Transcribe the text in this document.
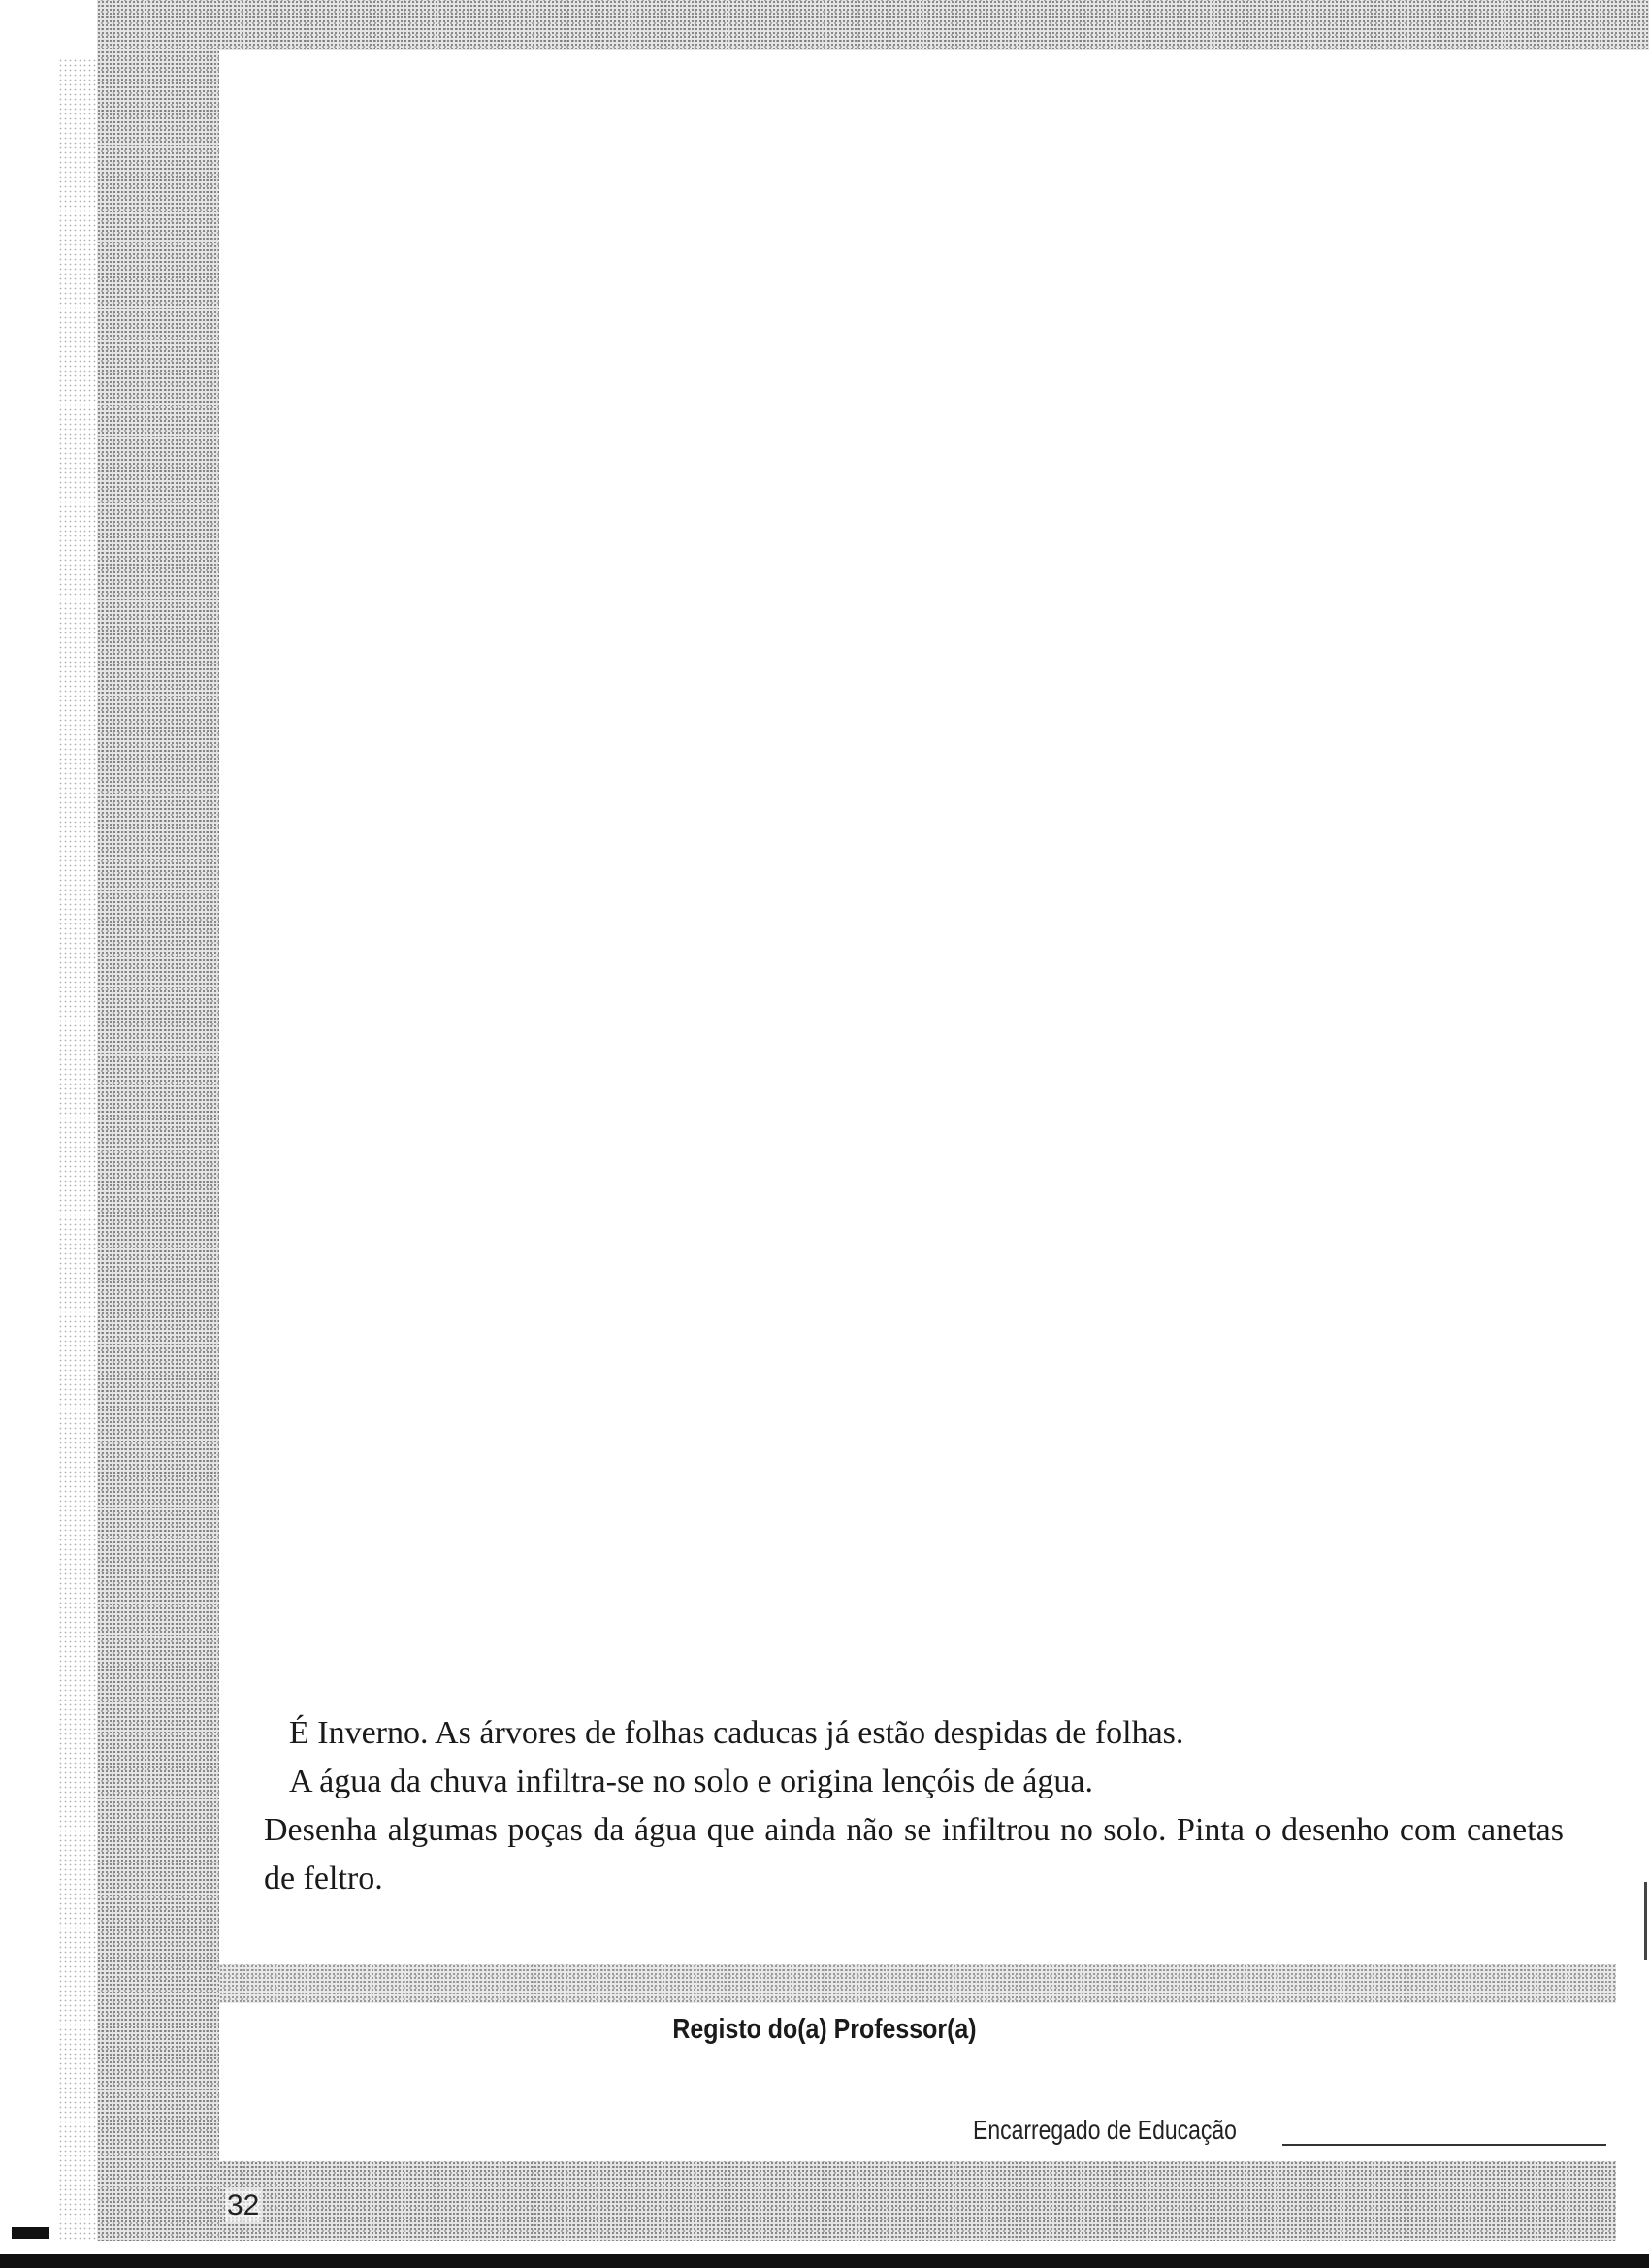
É Inverno. As árvores de folhas caducas já estão despidas de folhas.

A água da chuva infiltra-se no solo e origina lençóis de água.

Desenha algumas poças da água que ainda não se infiltrou no solo. Pinta o desenho com canetas de feltro.

Registo do(a) Professor(a)
Encarregado de Educação
32
